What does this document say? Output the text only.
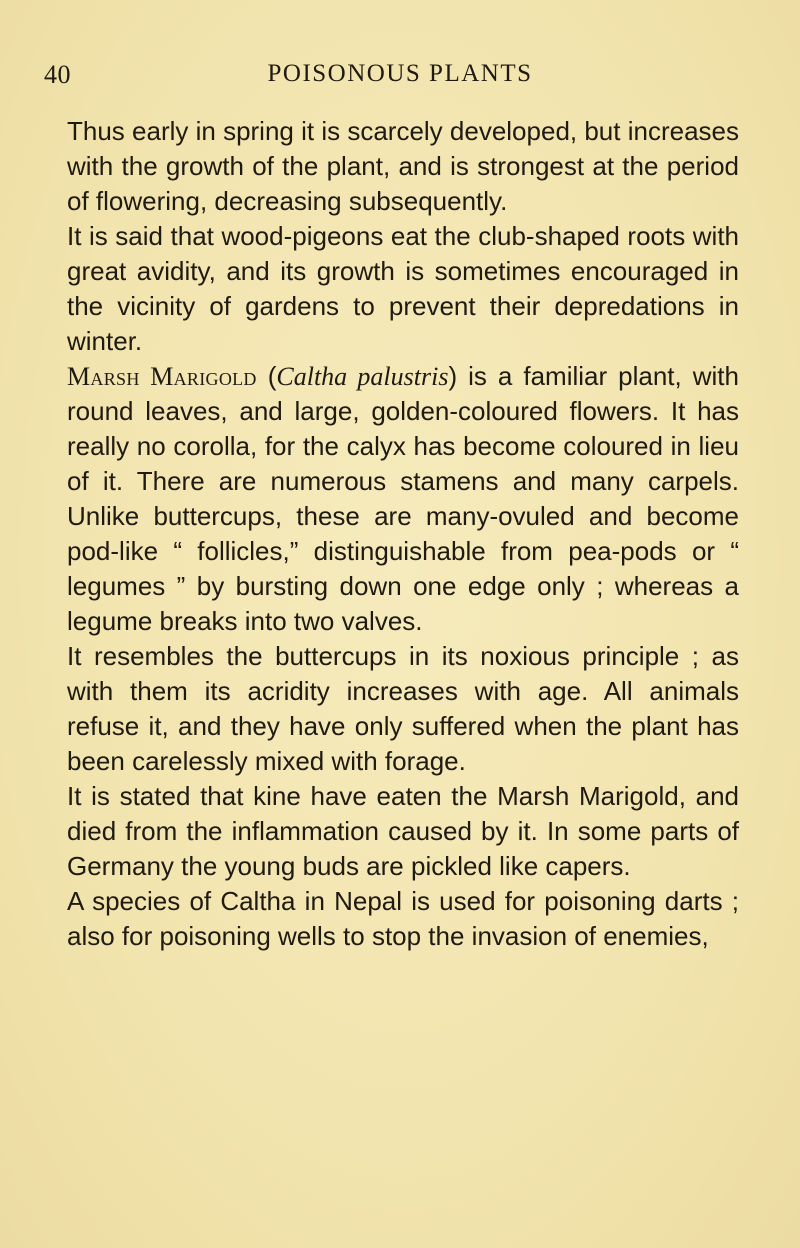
40	POISONOUS PLANTS

Thus early in spring it is scarcely developed, but increases with the growth of the plant, and is strongest at the period of flowering, decreasing subsequently.

It is said that wood-pigeons eat the club-shaped roots with great avidity, and its growth is sometimes encouraged in the vicinity of gardens to prevent their depredations in winter.

Marsh Marigold (Caltha palustris) is a familiar plant, with round leaves, and large, golden-coloured flowers. It has really no corolla, for the calyx has become coloured in lieu of it. There are numerous stamens and many carpels. Unlike buttercups, these are many-ovuled and become pod-like “ follicles,” distinguishable from pea-pods or “ legumes ” by bursting down one edge only ; whereas a legume breaks into two valves.

It resembles the buttercups in its noxious principle ; as with them its acridity increases with age. All animals refuse it, and they have only suffered when the plant has been carelessly mixed with forage.

It is stated that kine have eaten the Marsh Marigold, and died from the inflammation caused by it. In some parts of Germany the young buds are pickled like capers.

A species of Caltha in Nepal is used for poisoning darts ; also for poisoning wells to stop the invasion of enemies,
